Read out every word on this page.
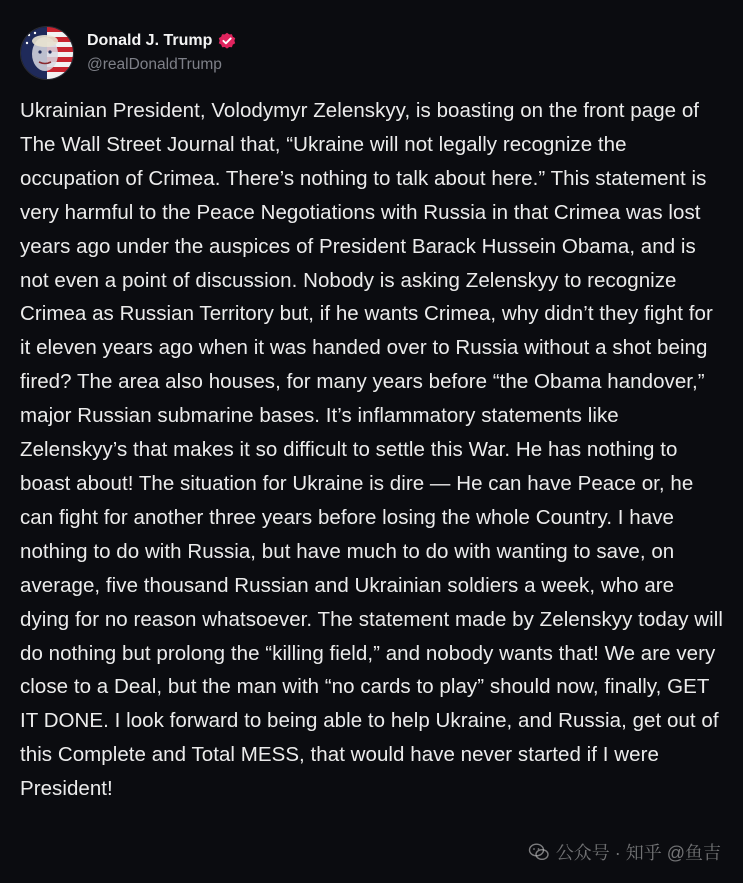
Donald J. Trump
@realDonaldTrump

Ukrainian President, Volodymyr Zelenskyy, is boasting on the front page of The Wall Street Journal that, “Ukraine will not legally recognize the occupation of Crimea. There’s nothing to talk about here.” This statement is very harmful to the Peace Negotiations with Russia in that Crimea was lost years ago under the auspices of President Barack Hussein Obama, and is not even a point of discussion. Nobody is asking Zelenskyy to recognize Crimea as Russian Territory but, if he wants Crimea, why didn’t they fight for it eleven years ago when it was handed over to Russia without a shot being fired? The area also houses, for many years before “the Obama handover,” major Russian submarine bases. It’s inflammatory statements like Zelenskyy’s that makes it so difficult to settle this War. He has nothing to boast about! The situation for Ukraine is dire — He can have Peace or, he can fight for another three years before losing the whole Country. I have nothing to do with Russia, but have much to do with wanting to save, on average, five thousand Russian and Ukrainian soldiers a week, who are dying for no reason whatsoever. The statement made by Zelenskyy today will do nothing but prolong the “killing field,” and nobody wants that! We are very close to a Deal, but the man with “no cards to play” should now, finally, GET IT DONE. I look forward to being able to help Ukraine, and Russia, get out of this Complete and Total MESS, that would have never started if I were President!

公众号 · 知乎 @鱼吉
